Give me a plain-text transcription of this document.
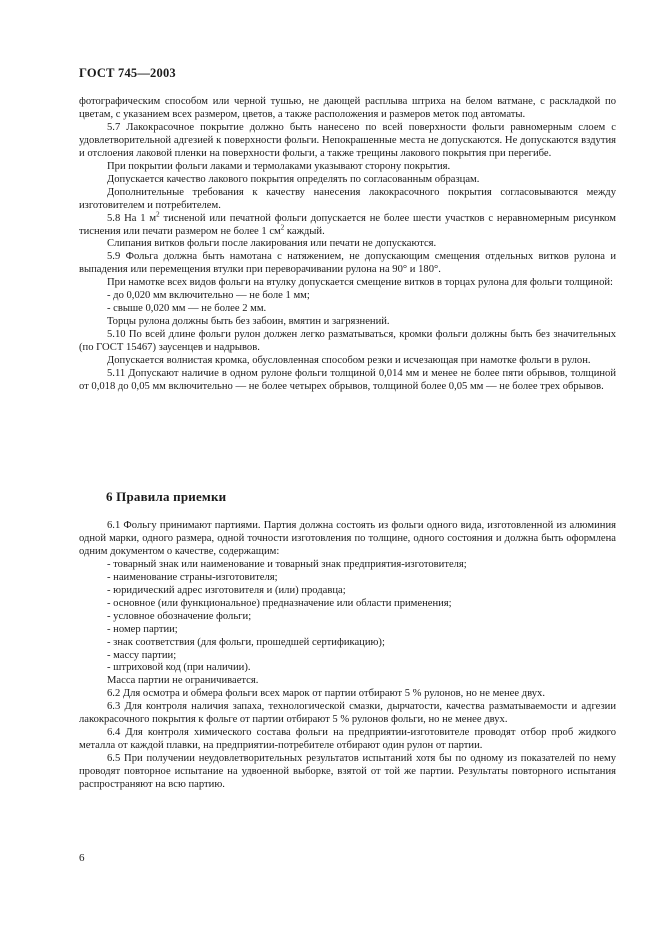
ГОСТ 745—2003

фотографическим способом или черной тушью, не дающей расплыва штриха на белом ватмане, с раскладкой по цветам, с указанием всех размером, цветов, а также расположения и размеров меток под автоматы.

5.7 Лакокрасочное покрытие должно быть нанесено по всей поверхности фольги равномерным слоем с удовлетворительной адгезией к поверхности фольги. Непокрашенные места не допускаются. Не допускаются вздутия и отслоения лаковой пленки на поверхности фольги, а также трещины лакового покрытия при перегибе.

При покрытии фольги лаками и термолаками указывают сторону покрытия.

Допускается качество лакового покрытия определять по согласованным образцам.

Дополнительные требования к качеству нанесения лакокрасочного покрытия согласовываются между изготовителем и потребителем.

5.8 На 1 $м^2$ тисненой или печатной фольги допускается не более шести участков с неравномерным рисунком тиснения или печати размером не более 1 $см^2$ каждый.

Слипания витков фольги после лакирования или печати не допускаются.

5.9 Фольга должна быть намотана с натяжением, не допускающим смещения отдельных витков рулона и выпадения или перемещения втулки при переворачивании рулона на 90° и 180°.

При намотке всех видов фольги на втулку допускается смещение витков в торцах рулона для фольги толщиной:

- до 0,020 мм включительно — не боле 1 мм;

- свыше 0,020 мм — не более 2 мм.

Торцы рулона должны быть без забоин, вмятин и загрязнений.

5.10 По всей длине фольги рулон должен легко разматываться, кромки фольги должны быть без значительных (по ГОСТ 15467) заусенцев и надрывов.

Допускается волнистая кромка, обусловленная способом резки и исчезающая при намотке фольги в рулон.

5.11 Допускают наличие в одном рулоне фольги толщиной 0,014 мм и менее не более пяти обрывов, толщиной от 0,018 до 0,05 мм включительно — не более четырех обрывов, толщиной более 0,05 мм — не более трех обрывов.

6 Правила приемки

6.1 Фольгу принимают партиями. Партия должна состоять из фольги одного вида, изготовленной из алюминия одной марки, одного размера, одной точности изготовления по толщине, одного состояния и должна быть оформлена одним документом о качестве, содержащим:

- товарный знак или наименование и товарный знак предприятия-изготовителя;

- наименование страны-изготовителя;

- юридический адрес изготовителя и (или) продавца;

- основное (или функциональное) предназначение или области применения;

- условное обозначение фольги;

- номер партии;

- знак соответствия (для фольги, прошедшей сертификацию);

- массу партии;

- штриховой код (при наличии).

Масса партии не ограничивается.

6.2 Для осмотра и обмера фольги всех марок от партии отбирают 5 % рулонов, но не менее двух.

6.3 Для контроля наличия запаха, технологической смазки, дырчатости, качества разматываемости и адгезии лакокрасочного покрытия к фольге от партии отбирают 5 % рулонов фольги, но не менее двух.

6.4 Для контроля химического состава фольги на предприятии-изготовителе проводят отбор проб жидкого металла от каждой плавки, на предприятии-потребителе отбирают один рулон от партии.

6.5 При получении неудовлетворительных результатов испытаний хотя бы по одному из показателей по нему проводят повторное испытание на удвоенной выборке, взятой от той же партии. Результаты повторного испытания распространяют на всю партию.

6
